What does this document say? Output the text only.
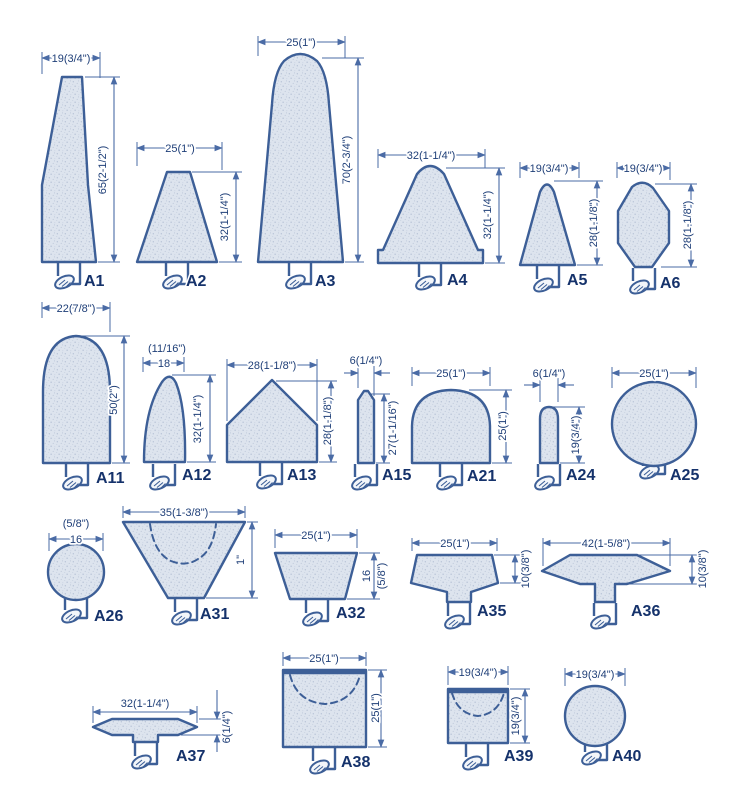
19(3/4")
65(2-1/2")
A1
25(1")
32(1-1/4")
A2
25(1")
70(2-3/4")
A3
32(1-1/4")
32(1-1/4")
A4
19(3/4")
28(1-1/8")
A5
19(3/4")
28(1-1/8")
A6
22(7/8")
50(2")
A11
(11/16")
18
32(1-1/4")
A12
28(1-1/8")
28(1-1/8")
A13
6(1/4")
27(1-1/16")
A15
25(1")
25(1")
A21
6(1/4")
19(3/4")
A24
25(1")
A25
(5/8")
16
A26
35(1-3/8")
1"
A31
25(1")
16 (5/8")
A32
25(1")
10(3/8")
A35
42(1-5/8")
10(3/8")
A36
32(1-1/4")
6(1/4")
A37
25(1")
25(1")
A38
19(3/4")
19(3/4")
A39
19(3/4")
A40
